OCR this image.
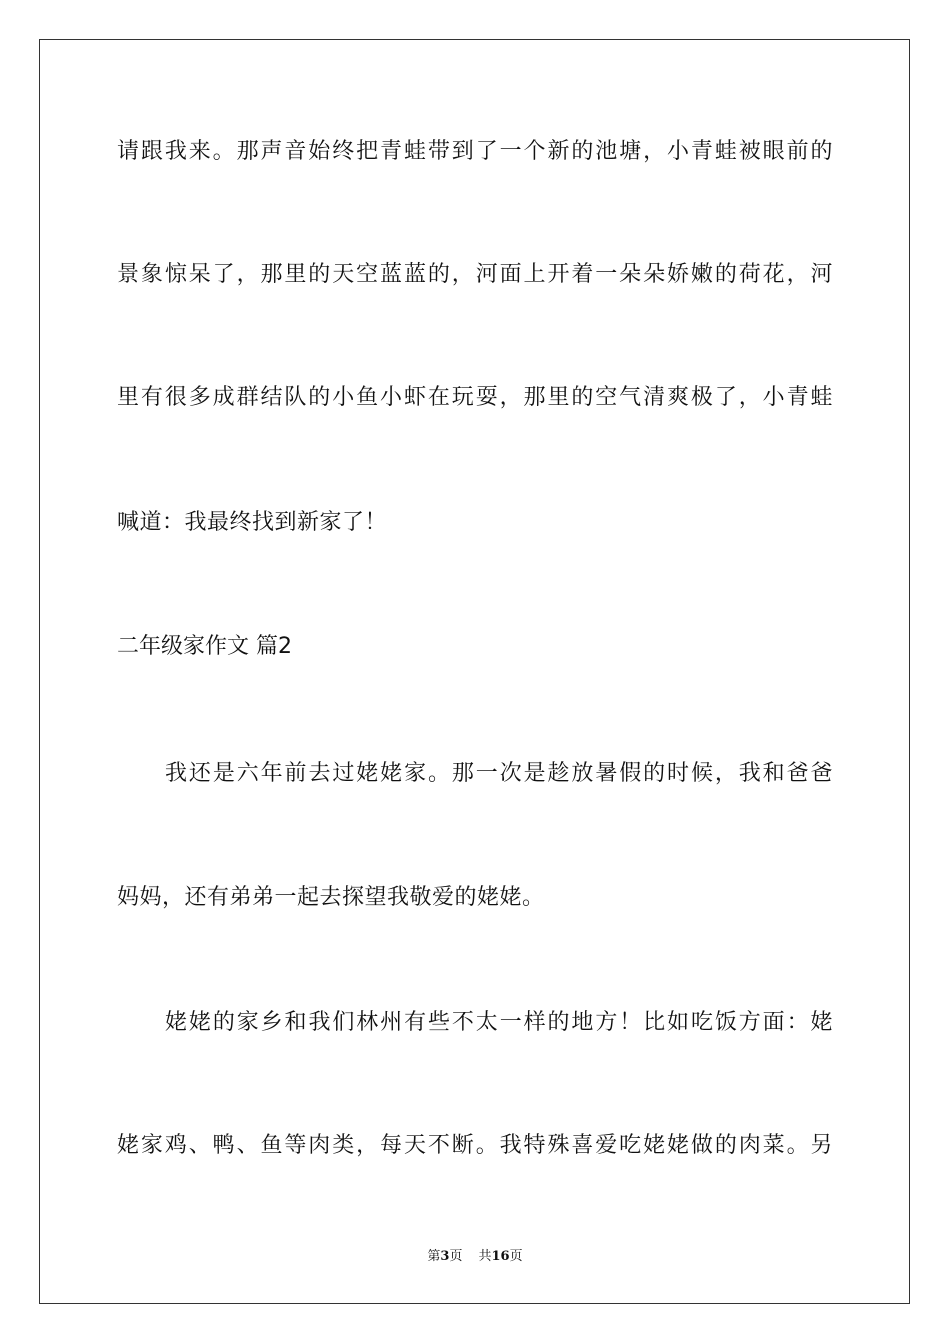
请跟我来。那声音始终把青蛙带到了一个新的池塘，小青蛙被眼前的
景象惊呆了，那里的天空蓝蓝的，河面上开着一朵朵娇嫩的荷花，河
里有很多成群结队的小鱼小虾在玩耍，那里的空气清爽极了，小青蛙
喊道：我最终找到新家了！
二年级家作文 篇2
我还是六年前去过姥姥家。那一次是趁放暑假的时候，我和爸爸
妈妈，还有弟弟一起去探望我敬爱的姥姥。
姥姥的家乡和我们林州有些不太一样的地方！比如吃饭方面：姥
姥家鸡、鸭、鱼等肉类，每天不断。我特殊喜爱吃姥姥做的肉菜。另
第3页 共16页
